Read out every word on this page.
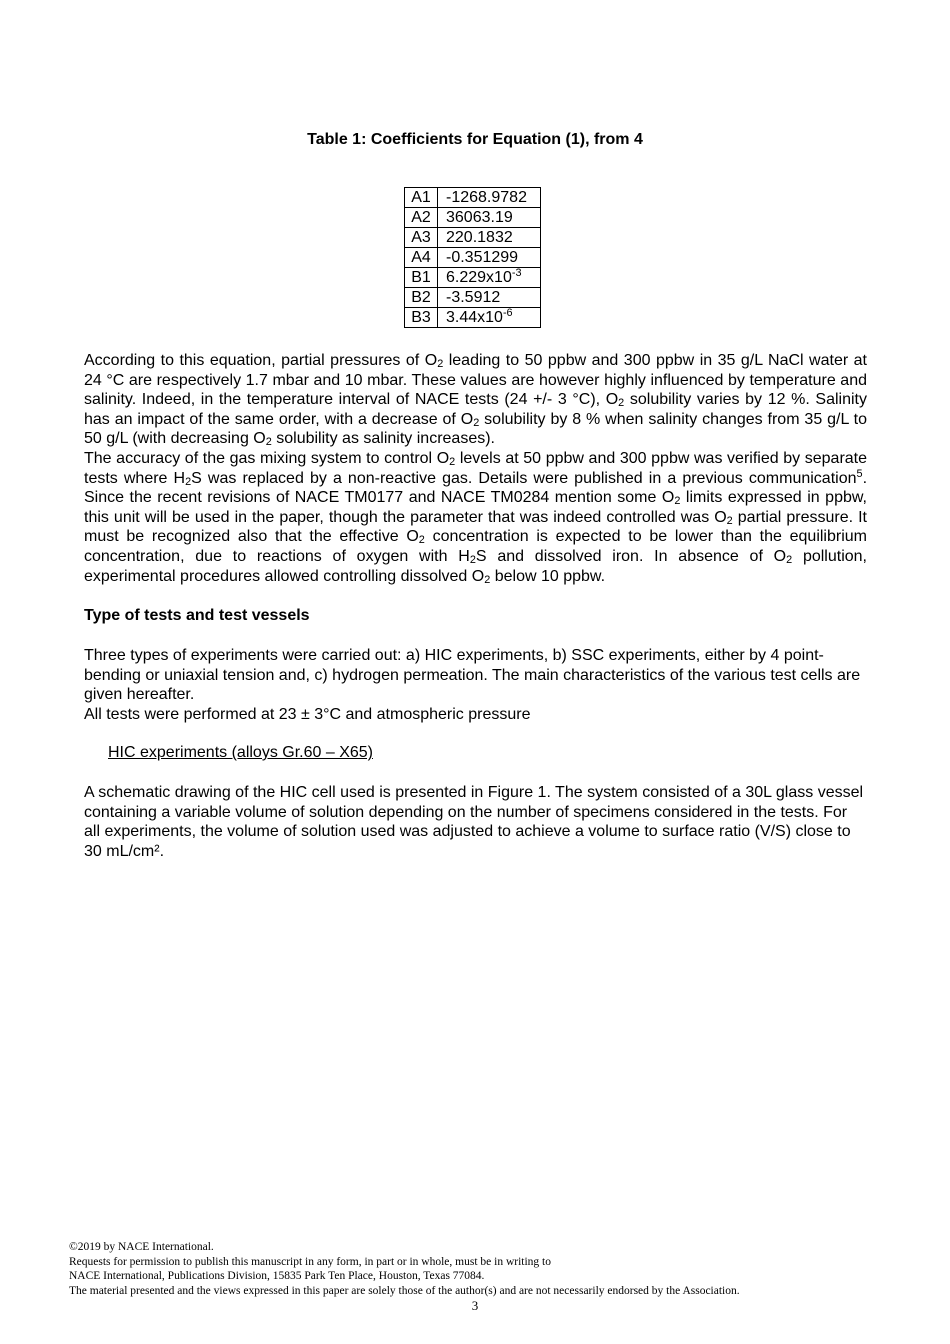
Table 1: Coefficients for Equation (1), from 4
A1	-1268.9782
A2	36063.19
A3	220.1832
A4	-0.351299
B1	$6.229x10^{-3}$
B2	-3.5912
B3	$3.44x10^{-6}$
According to this equation, partial pressures of $O_2$ leading to 50 ppbw and 300 ppbw in 35 g/L NaCl water at 24 °C are respectively 1.7 mbar and 10 mbar. These values are however highly influenced by temperature and salinity. Indeed, in the temperature interval of NACE tests (24 +/- 3 °C), $O_2$ solubility varies by 12 %. Salinity has an impact of the same order, with a decrease of $O_2$ solubility by 8 % when salinity changes from 35 g/L to 50 g/L (with decreasing $O_2$ solubility as salinity increases).
The accuracy of the gas mixing system to control $O_2$ levels at 50 ppbw and 300 ppbw was verified by separate tests where $H_2S$ was replaced by a non-reactive gas. Details were published in a previous communication$^5$. Since the recent revisions of NACE TM0177 and NACE TM0284 mention some $O_2$ limits expressed in ppbw, this unit will be used in the paper, though the parameter that was indeed controlled was $O_2$ partial pressure. It must be recognized also that the effective $O_2$ concentration is expected to be lower than the equilibrium concentration, due to reactions of oxygen with $H_2S$ and dissolved iron. In absence of $O_2$ pollution, experimental procedures allowed controlling dissolved $O_2$ below 10 ppbw.
Type of tests and test vessels
Three types of experiments were carried out: a) HIC experiments, b) SSC experiments, either by 4 point-bending or uniaxial tension and, c) hydrogen permeation. The main characteristics of the various test cells are given hereafter.
All tests were performed at 23 ± 3°C and atmospheric pressure
HIC experiments (alloys Gr.60 – X65)
A schematic drawing of the HIC cell used is presented in Figure 1. The system consisted of a 30L glass vessel containing a variable volume of solution depending on the number of specimens considered in the tests. For all experiments, the volume of solution used was adjusted to achieve a volume to surface ratio (V/S) close to 30 mL/cm².
©2019 by NACE International.
Requests for permission to publish this manuscript in any form, in part or in whole, must be in writing to
NACE International, Publications Division, 15835 Park Ten Place, Houston, Texas 77084.
The material presented and the views expressed in this paper are solely those of the author(s) and are not necessarily endorsed by the Association.
3
